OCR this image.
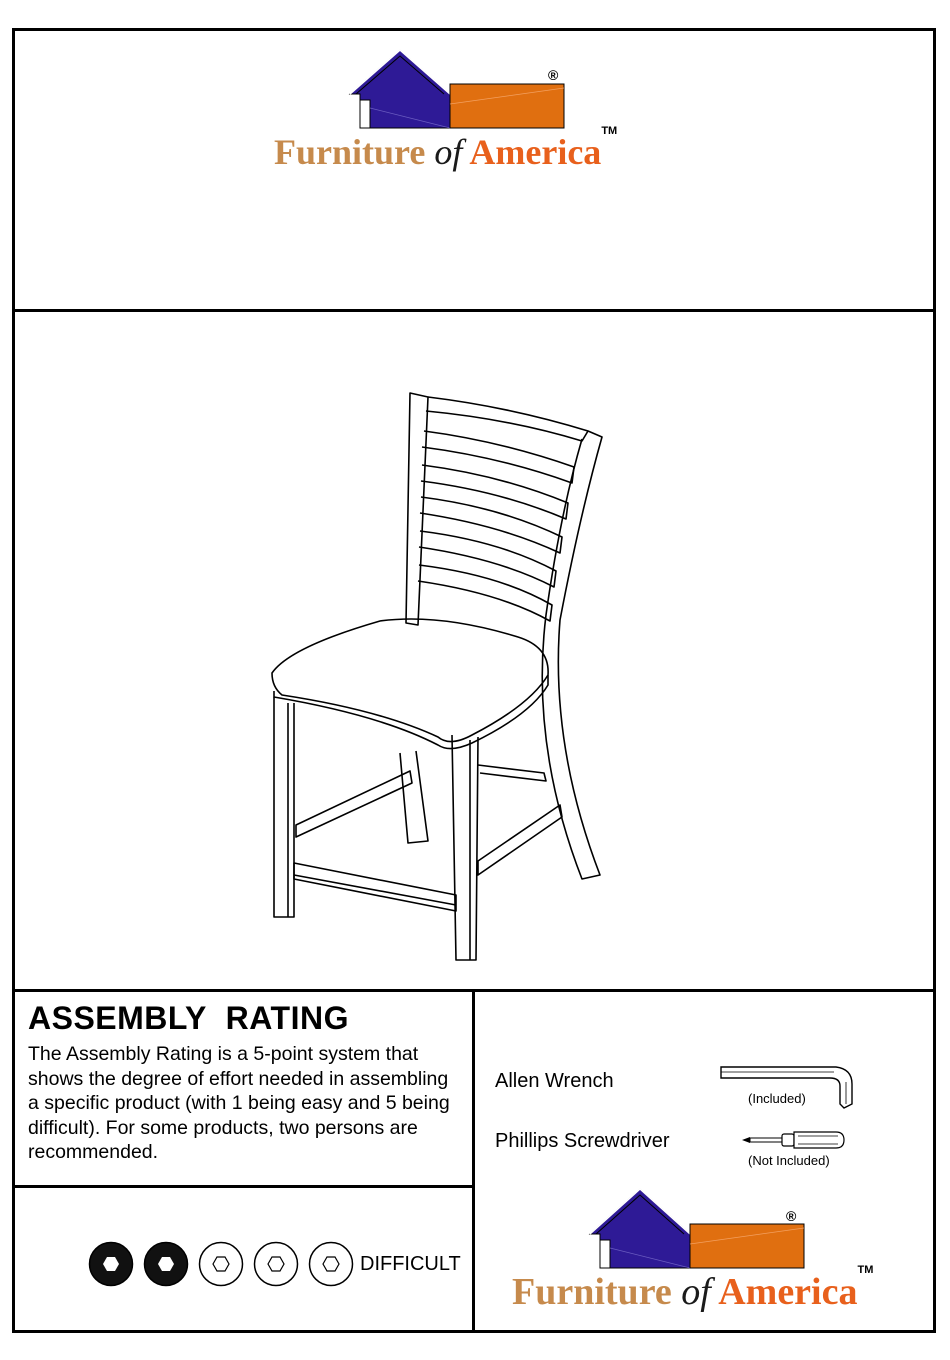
®
Furniture of America™
ASSEMBLY RATING
The Assembly Rating is a 5-point system that shows the degree of effort needed in assembling a specific product (with 1 being easy and 5 being difficult). For some products, two persons are recommended.
DIFFICULT
Allen Wrench
(Included)
Phillips Screwdriver
(Not Included)
®
Furniture of America™
